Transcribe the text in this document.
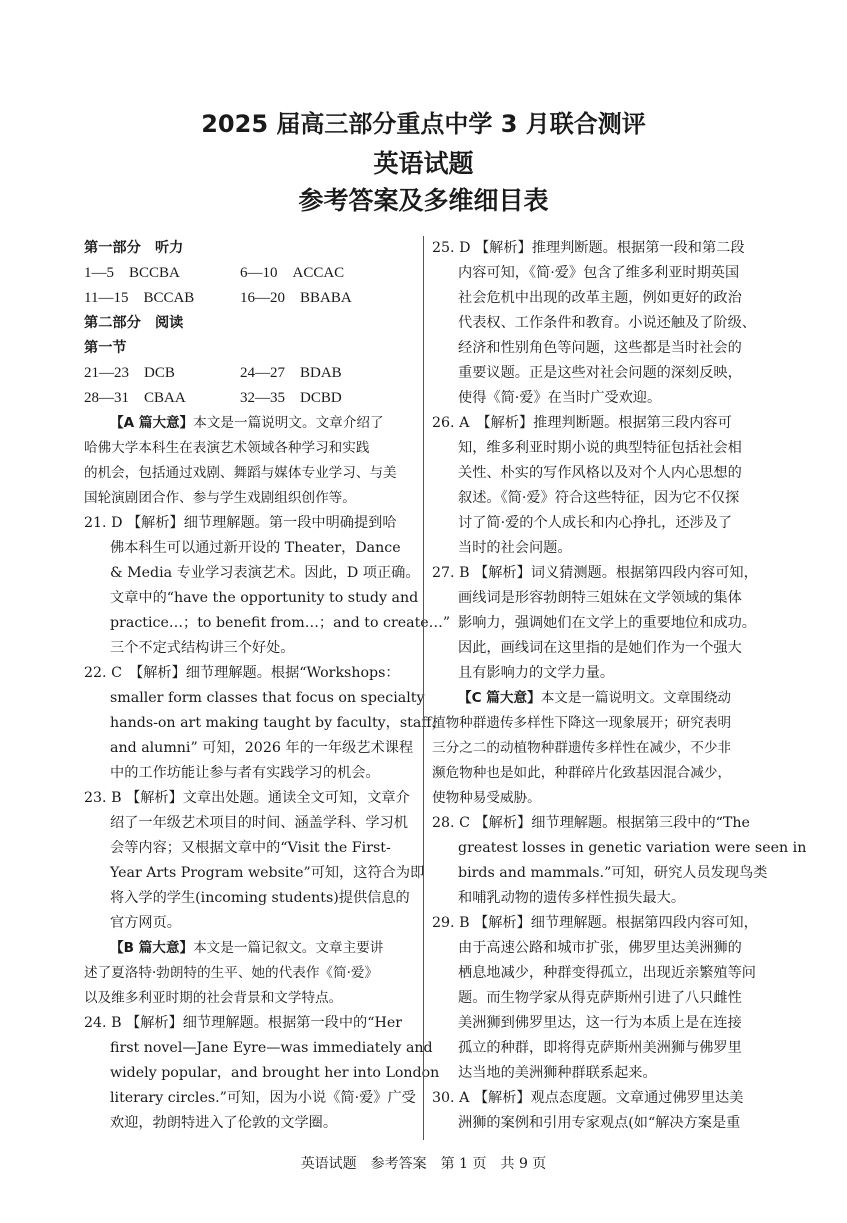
2025 届高三部分重点中学 3 月联合测评
英语试题
参考答案及多维细目表
第一部分　听力
1—5　BCCBA	6—10　ACCAC
11—15　BCCAB	16—20　BBABA
第二部分　阅读
第一节
21—23　DCB	24—27　BDAB
28—31　CBAA	32—35　DCBD
【A 篇大意】本文是一篇说明文。文章介绍了
哈佛大学本科生在表演艺术领域各种学习和实践
的机会，包括通过戏剧、舞蹈与媒体专业学习、与美
国轮演剧团合作、参与学生戏剧组织创作等。
21. D 【解析】细节理解题。第一段中明确提到哈
佛本科生可以通过新开设的 Theater，Dance
& Media 专业学习表演艺术。因此，D 项正确。
文章中的“have the opportunity to study and
practice…；to benefit from…；and to create…”
三个不定式结构讲三个好处。
22. C　【解析】细节理解题。根据“Workshops：
smaller form classes that focus on specialty
hands-on art making taught by faculty，staff，
and alumni” 可知，2026 年的一年级艺术课程
中的工作坊能让参与者有实践学习的机会。
23. B 【解析】文章出处题。通读全文可知，文章介
绍了一年级艺术项目的时间、涵盖学科、学习机
会等内容；又根据文章中的“Visit the First-
Year Arts Program website”可知，这符合为即
将入学的学生(incoming students)提供信息的
官方网页。
【B 篇大意】本文是一篇记叙文。文章主要讲
述了夏洛特·勃朗特的生平、她的代表作《简·爱》
以及维多利亚时期的社会背景和文学特点。
24. B 【解析】细节理解题。根据第一段中的“Her
first novel—Jane Eyre—was immediately and
widely popular，and brought her into London
literary circles.”可知，因为小说《简·爱》广受
欢迎，勃朗特进入了伦敦的文学圈。
25. D 【解析】推理判断题。根据第一段和第二段
内容可知，《简·爱》包含了维多利亚时期英国
社会危机中出现的改革主题，例如更好的政治
代表权、工作条件和教育。小说还触及了阶级、
经济和性别角色等问题，这些都是当时社会的
重要议题。正是这些对社会问题的深刻反映，
使得《简·爱》在当时广受欢迎。
26. A　【解析】推理判断题。根据第三段内容可
知，维多利亚时期小说的典型特征包括社会相
关性、朴实的写作风格以及对个人内心思想的
叙述。《简·爱》符合这些特征，因为它不仅探
讨了简·爱的个人成长和内心挣扎，还涉及了
当时的社会问题。
27. B 【解析】词义猜测题。根据第四段内容可知，
画线词是形容勃朗特三姐妹在文学领域的集体
影响力，强调她们在文学上的重要地位和成功。
因此，画线词在这里指的是她们作为一个强大
且有影响力的文学力量。
【C 篇大意】本文是一篇说明文。文章围绕动
植物种群遗传多样性下降这一现象展开；研究表明
三分之二的动植物种群遗传多样性在减少，不少非
濒危物种也是如此，种群碎片化致基因混合减少，
使物种易受威胁。
28. C 【解析】细节理解题。根据第三段中的“The
greatest losses in genetic variation were seen in
birds and mammals.”可知，研究人员发现鸟类
和哺乳动物的遗传多样性损失最大。
29. B 【解析】细节理解题。根据第四段内容可知，
由于高速公路和城市扩张，佛罗里达美洲狮的
栖息地减少，种群变得孤立，出现近亲繁殖等问
题。而生物学家从得克萨斯州引进了八只雌性
美洲狮到佛罗里达，这一行为本质上是在连接
孤立的种群，即将得克萨斯州美洲狮与佛罗里
达当地的美洲狮种群联系起来。
30. A 【解析】观点态度题。文章通过佛罗里达美
洲狮的案例和引用专家观点(如“解决方案是重
英语试题　参考答案　第 1 页　共 9 页
